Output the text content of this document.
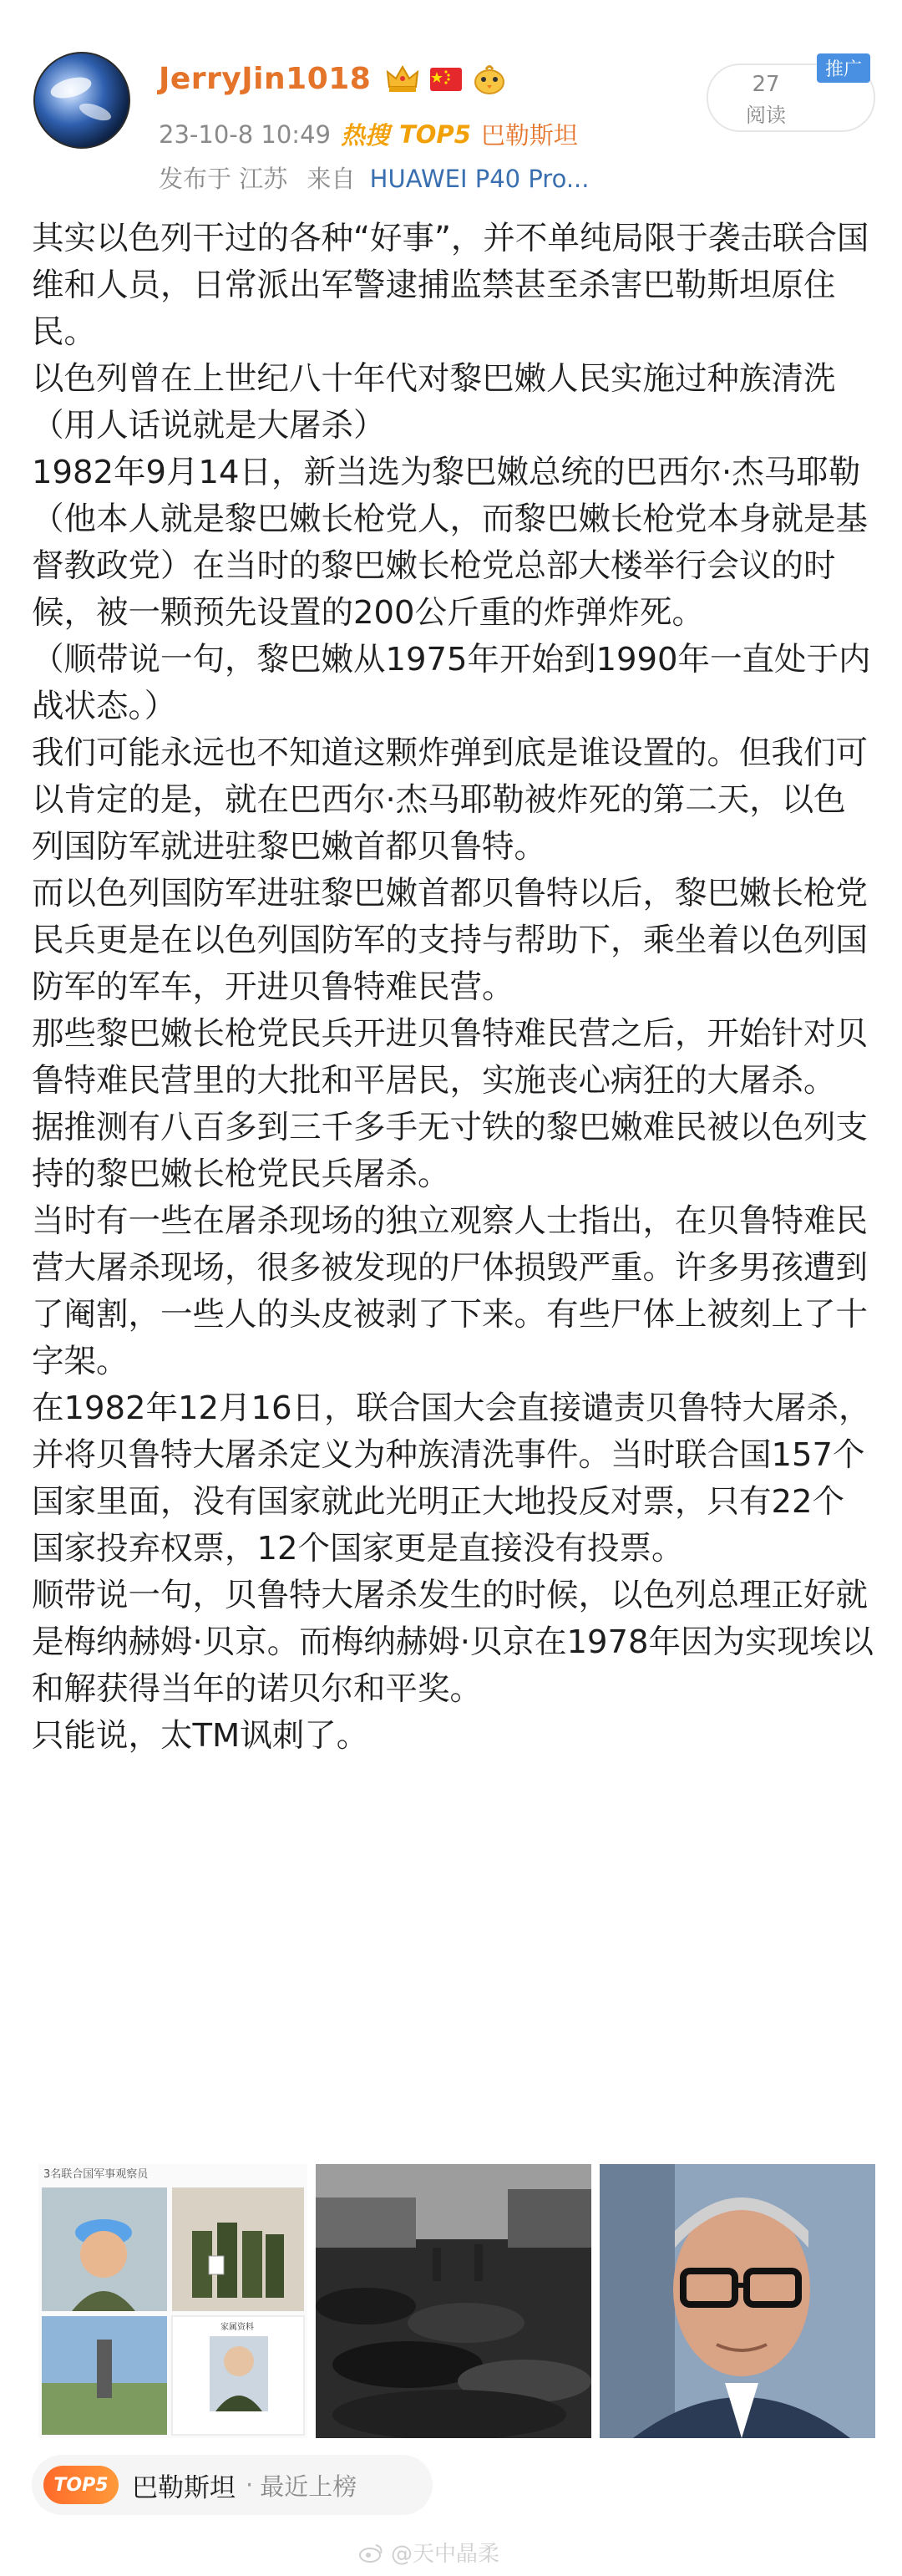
JerryJin1018
23-10-8 10:49 热搜 TOP5 巴勒斯坦
发布于 江苏 来自 HUAWEI P40 Pro...
27
阅读
推广

其实以色列干过的各种“好事”，并不单纯局限于袭击联合国维和人员，日常派出军警逮捕监禁甚至杀害巴勒斯坦原住民。

以色列曾在上世纪八十年代对黎巴嫩人民实施过种族清洗（用人话说就是大屠杀）

1982年9月14日，新当选为黎巴嫩总统的巴西尔·杰马耶勒（他本人就是黎巴嫩长枪党人，而黎巴嫩长枪党本身就是基督教政党）在当时的黎巴嫩长枪党总部大楼举行会议的时候，被一颗预先设置的200公斤重的炸弹炸死。

（顺带说一句，黎巴嫩从1975年开始到1990年一直处于内战状态。）

我们可能永远也不知道这颗炸弹到底是谁设置的。但我们可以肯定的是，就在巴西尔·杰马耶勒被炸死的第二天，以色列国防军就进驻黎巴嫩首都贝鲁特。

而以色列国防军进驻黎巴嫩首都贝鲁特以后，黎巴嫩长枪党民兵更是在以色列国防军的支持与帮助下，乘坐着以色列国防军的军车，开进贝鲁特难民营。

那些黎巴嫩长枪党民兵开进贝鲁特难民营之后，开始针对贝鲁特难民营里的大批和平居民，实施丧心病狂的大屠杀。

据推测有八百多到三千多手无寸铁的黎巴嫩难民被以色列支持的黎巴嫩长枪党民兵屠杀。

当时有一些在屠杀现场的独立观察人士指出，在贝鲁特难民营大屠杀现场，很多被发现的尸体损毁严重。许多男孩遭到了阉割，一些人的头皮被剥了下来。有些尸体上被刻上了十字架。

在1982年12月16日，联合国大会直接谴责贝鲁特大屠杀，并将贝鲁特大屠杀定义为种族清洗事件。当时联合国157个国家里面，没有国家就此光明正大地投反对票，只有22个国家投弃权票，12个国家更是直接没有投票。

顺带说一句，贝鲁特大屠杀发生的时候，以色列总理正好就是梅纳赫姆·贝京。而梅纳赫姆·贝京在1978年因为实现埃以和解获得当年的诺贝尔和平奖。

只能说，太TM讽刺了。

3名联合国军事观察员
家属资料
TOP5 巴勒斯坦 · 最近上榜
@天中晶柔
